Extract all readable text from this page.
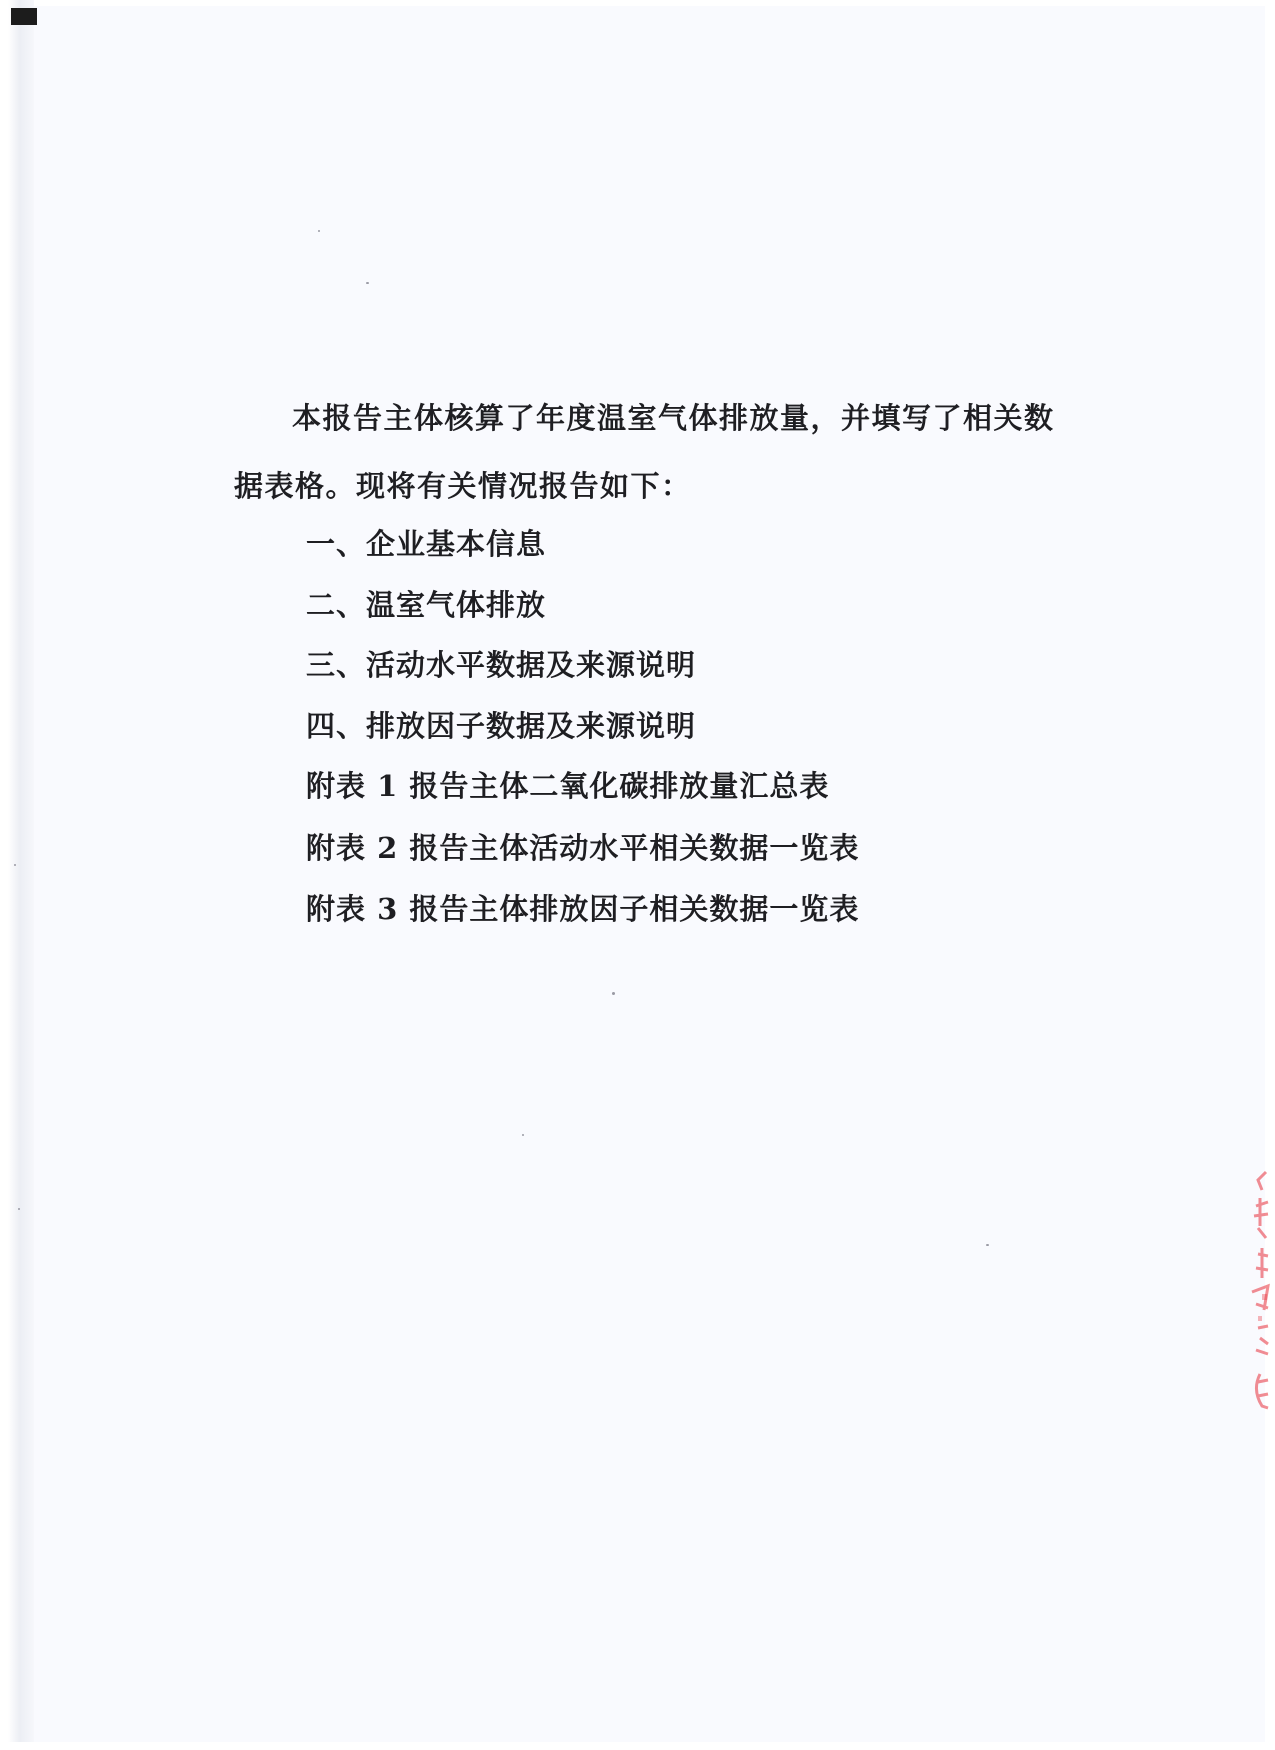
本报告主体核算了年度温室气体排放量，并填写了相关数
据表格。现将有关情况报告如下：
一、企业基本信息
二、温室气体排放
三、活动水平数据及来源说明
四、排放因子数据及来源说明
附表 1 报告主体二氧化碳排放量汇总表
附表 2 报告主体活动水平相关数据一览表
附表 3 报告主体排放因子相关数据一览表
